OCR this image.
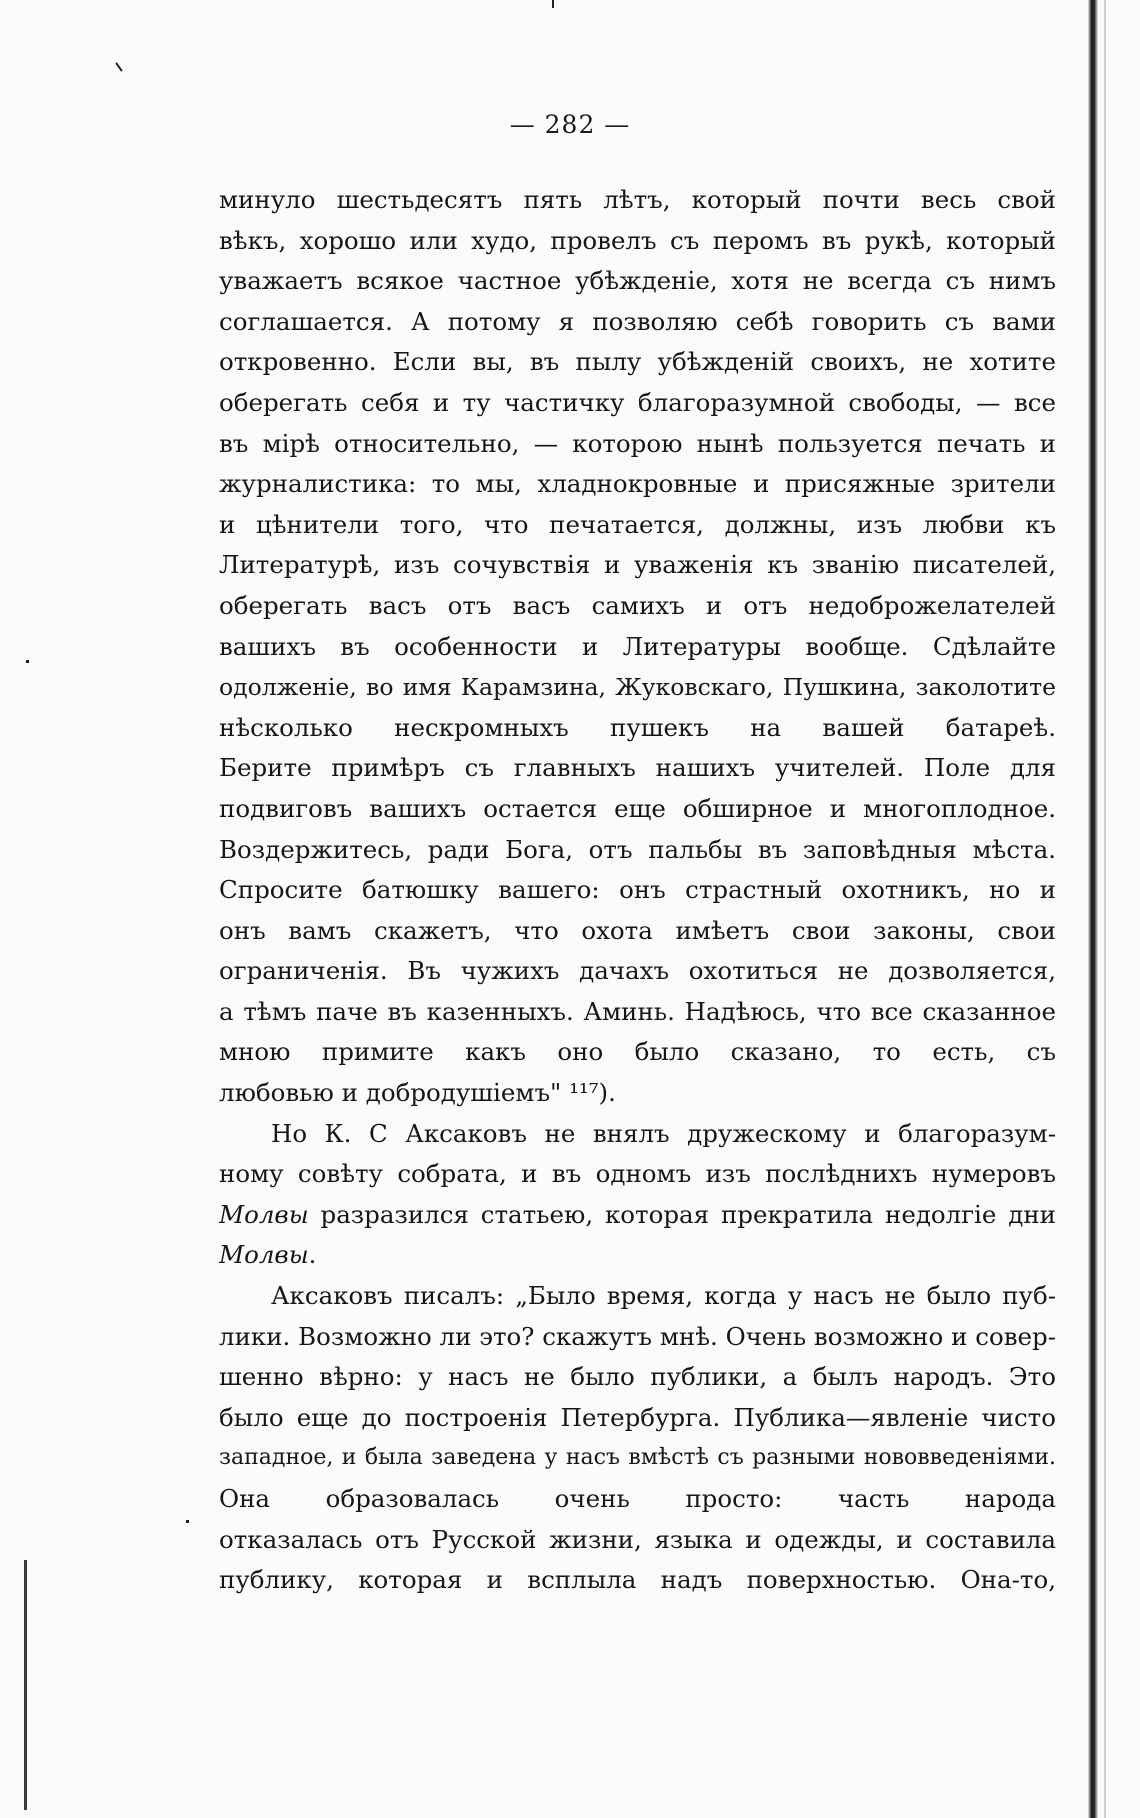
— 282 —

минуло шестьдесятъ пять лѣтъ, который почти весь свой
вѣкъ, хорошо или худо, провелъ съ перомъ въ рукѣ, который
уважаетъ всякое частное убѣжденіе, хотя не всегда съ нимъ
соглашается. А потому я позволяю себѣ говорить съ вами
откровенно. Если вы, въ пылу убѣжденій своихъ, не хотите
оберегать себя и ту частичку благоразумной свободы, — все
въ мірѣ относительно, — которою нынѣ пользуется печать и
журналистика: то мы, хладнокровные и присяжные зрители
и цѣнители того, что печатается, должны, изъ любви къ
Литературѣ, изъ сочувствія и уваженія къ званію писателей,
оберегать васъ отъ васъ самихъ и отъ недоброжелателей
вашихъ въ особенности и Литературы вообще. Сдѣлайте
одолженіе, во имя Карамзина, Жуковскаго, Пушкина, заколотите
нѣсколько нескромныхъ пушекъ на вашей батареѣ.
Берите примѣръ съ главныхъ нашихъ учителей. Поле для
подвиговъ вашихъ остается еще обширное и многоплодное.
Воздержитесь, ради Бога, отъ пальбы въ заповѣдныя мѣста.
Спросите батюшку вашего: онъ страстный охотникъ, но и
онъ вамъ скажетъ, что охота имѣетъ свои законы, свои
ограниченія. Въ чужихъ дачахъ охотиться не дозволяется,
а тѣмъ паче въ казенныхъ. Аминь. Надѣюсь, что все сказанное
мною примите какъ оно было сказано, то есть, съ
любовью и добродушіемъ" ¹¹⁷).

Но К. С Аксаковъ не внялъ дружескому и благоразум-
ному совѣту собрата, и въ одномъ изъ послѣднихъ нумеровъ
Молвы разразился статьею, которая прекратила недолгіе дни
Молвы.

Аксаковъ писалъ: „Было время, когда у насъ не было пуб-
лики. Возможно ли это? скажутъ мнѣ. Очень возможно и совер-
шенно вѣрно: у насъ не было публики, а былъ народъ. Это
было еще до построенія Петербурга. Публика—явленіе чисто
западное, и была заведена у насъ вмѣстѣ съ разными нововведеніями.
Она образовалась очень просто: часть народа
отказалась отъ Русской жизни, языка и одежды, и составила
публику, которая и всплыла надъ поверхностью. Она-то,
